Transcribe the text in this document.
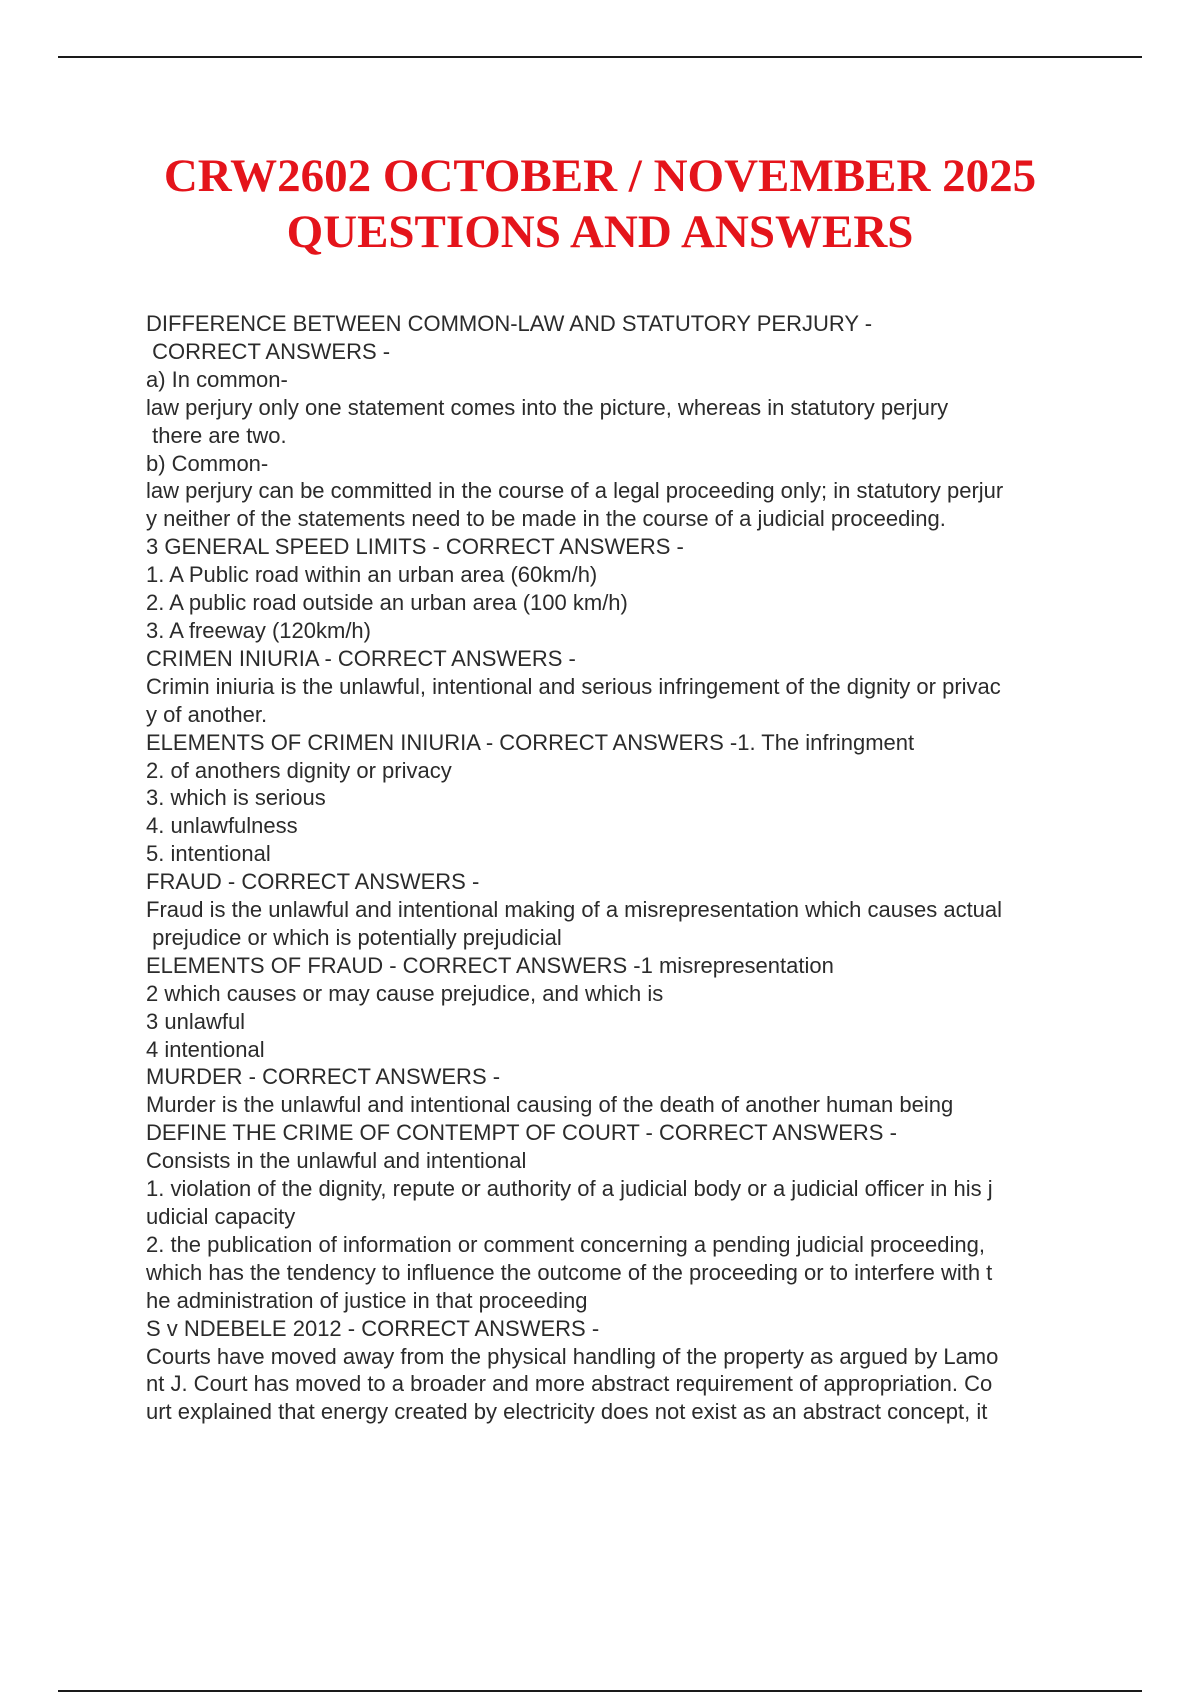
CRW2602 OCTOBER / NOVEMBER 2025
QUESTIONS AND ANSWERS
DIFFERENCE BETWEEN COMMON-LAW AND STATUTORY PERJURY -
CORRECT ANSWERS -
a) In common-
law perjury only one statement comes into the picture, whereas in statutory perjury
there are two.
b) Common-
law perjury can be committed in the course of a legal proceeding only; in statutory perjur
y neither of the statements need to be made in the course of a judicial proceeding.
3 GENERAL SPEED LIMITS - CORRECT ANSWERS -
1. A Public road within an urban area (60km/h)
2. A public road outside an urban area (100 km/h)
3. A freeway (120km/h)
CRIMEN INIURIA - CORRECT ANSWERS -
Crimin iniuria is the unlawful, intentional and serious infringement of the dignity or privac
y of another.
ELEMENTS OF CRIMEN INIURIA - CORRECT ANSWERS -1. The infringment
2. of anothers dignity or privacy
3. which is serious
4. unlawfulness
5. intentional
FRAUD - CORRECT ANSWERS -
Fraud is the unlawful and intentional making of a misrepresentation which causes actual
prejudice or which is potentially prejudicial
ELEMENTS OF FRAUD - CORRECT ANSWERS -1 misrepresentation
2 which causes or may cause prejudice, and which is
3 unlawful
4 intentional
MURDER - CORRECT ANSWERS -
Murder is the unlawful and intentional causing of the death of another human being
DEFINE THE CRIME OF CONTEMPT OF COURT - CORRECT ANSWERS -
Consists in the unlawful and intentional
1. violation of the dignity, repute or authority of a judicial body or a judicial officer in his j
udicial capacity
2. the publication of information or comment concerning a pending judicial proceeding,
which has the tendency to influence the outcome of the proceeding or to interfere with t
he administration of justice in that proceeding
S v NDEBELE 2012 - CORRECT ANSWERS -
Courts have moved away from the physical handling of the property as argued by Lamo
nt J. Court has moved to a broader and more abstract requirement of appropriation. Co
urt explained that energy created by electricity does not exist as an abstract concept, it
